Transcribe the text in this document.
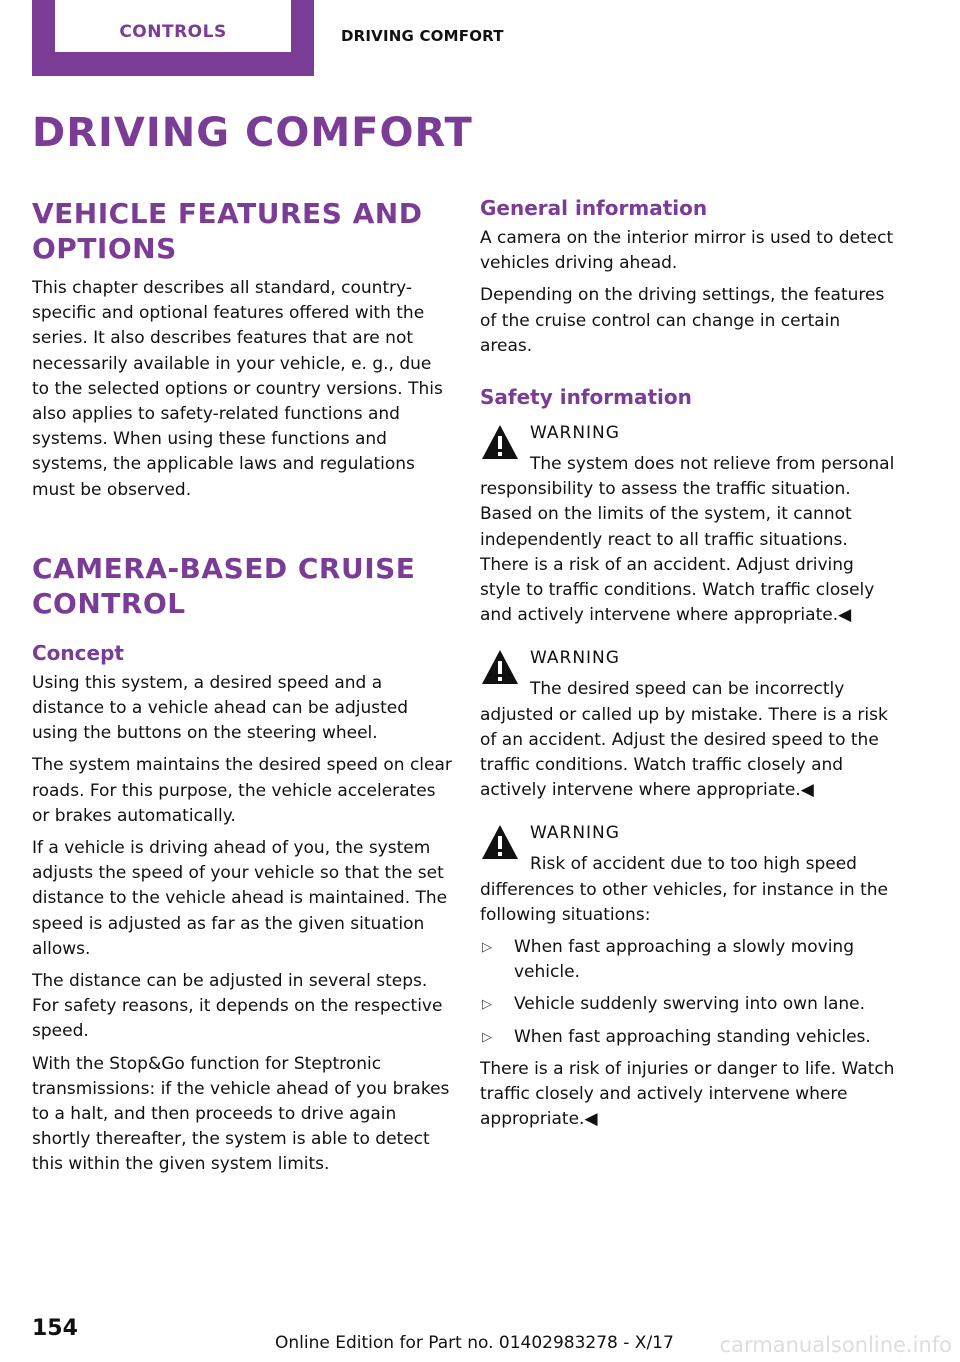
CONTROLS	DRIVING COMFORT
DRIVING COMFORT
VEHICLE FEATURES AND OPTIONS

This chapter describes all standard, country-specific and optional features offered with the series. It also describes features that are not necessarily available in your vehicle, e. g., due to the selected options or country versions. This also applies to safety-related functions and systems. When using these functions and systems, the applicable laws and regulations must be observed.

CAMERA-BASED CRUISE CONTROL
Concept

Using this system, a desired speed and a distance to a vehicle ahead can be adjusted using the buttons on the steering wheel.

The system maintains the desired speed on clear roads. For this purpose, the vehicle accelerates or brakes automatically.

If a vehicle is driving ahead of you, the system adjusts the speed of your vehicle so that the set distance to the vehicle ahead is maintained. The speed is adjusted as far as the given situation allows.

The distance can be adjusted in several steps. For safety reasons, it depends on the respective speed.

With the Stop&Go function for Steptronic transmissions: if the vehicle ahead of you brakes to a halt, and then proceeds to drive again shortly thereafter, the system is able to detect this within the given system limits.

General information

A camera on the interior mirror is used to detect vehicles driving ahead.

Depending on the driving settings, the features of the cruise control can change in certain areas.

Safety information
WARNING

The system does not relieve from personal responsibility to assess the traffic situation. Based on the limits of the system, it cannot independently react to all traffic situations. There is a risk of an accident. Adjust driving style to traffic conditions. Watch traffic closely and actively intervene where appropriate.◀

WARNING

The desired speed can be incorrectly adjusted or called up by mistake. There is a risk of an accident. Adjust the desired speed to the traffic conditions. Watch traffic closely and actively intervene where appropriate.◀

WARNING

Risk of accident due to too high speed differences to other vehicles, for instance in the following situations:

▷ When fast approaching a slowly moving vehicle.
▷ Vehicle suddenly swerving into own lane.
▷ When fast approaching standing vehicles.

There is a risk of injuries or danger to life. Watch traffic closely and actively intervene where appropriate.◀

154
Online Edition for Part no. 01402983278 - X/17 carmanualsonline.info
